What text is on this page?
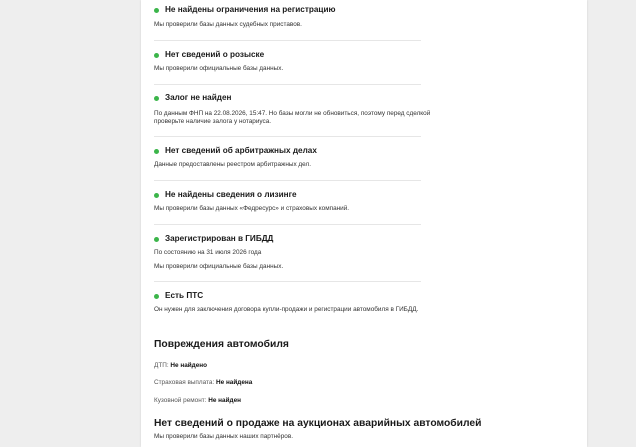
Не найдены ограничения на регистрацию
Мы проверили базы данных судебных приставов.
Нет сведений о розыске
Мы проверили официальные базы данных.
Залог не найден
По данным ФНП на 22.08.2026, 15:47. Но базы могли не обновиться, поэтому перед сделкой
проверьте наличие залога у нотариуса.
Нет сведений об арбитражных делах
Данные предоставлены реестром арбитражных дел.
Не найдены сведения о лизинге
Мы проверили базы данных «Федресурс» и страховых компаний.
Зарегистрирован в ГИБДД
По состоянию на 31 июля 2026 года
Мы проверили официальные базы данных.
Есть ПТС
Он нужен для заключения договора купли-продажи и регистрации автомобиля в ГИБДД.
Повреждения автомобиля
ДТП: Не найдено
Страховая выплата: Не найдена
Кузовной ремонт: Не найден
Нет сведений о продаже на аукционах аварийных автомобилей
Мы проверили базы данных наших партнёров.
